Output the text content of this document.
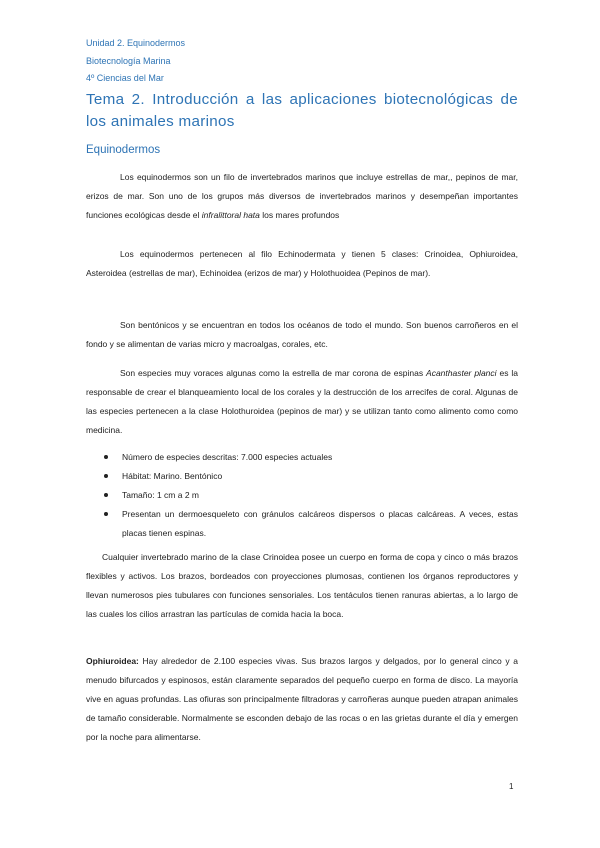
Unidad 2. Equinodermos
Biotecnología Marina
4º Ciencias del Mar
Tema 2. Introducción a las aplicaciones biotecnológicas de los animales marinos
Equinodermos
Los equinodermos son un filo de invertebrados marinos que incluye estrellas de mar,, pepinos de mar, erizos de mar. Son uno de los grupos más diversos de invertebrados marinos y desempeñan importantes funciones ecológicas desde el infralittoral hata los mares profundos
Los equinodermos pertenecen al filo Echinodermata y tienen 5 clases: Crinoidea, Ophiuroidea, Asteroidea (estrellas de mar), Echinoidea (erizos de mar) y Holothuoidea (Pepinos de mar).
Son bentónicos y se encuentran en todos los océanos de todo el mundo. Son buenos carroñeros en el fondo y se alimentan de varias micro y macroalgas, corales, etc.
Son especies muy voraces algunas como la estrella de mar corona de espinas Acanthaster planci es la responsable de crear el blanqueamiento local de los corales y la destrucción de los arrecifes de coral. Algunas de las especies pertenecen a la clase Holothuroidea (pepinos de mar) y se utilizan tanto como alimento como como medicina.
Número de especies descritas: 7.000 especies actuales
Hábitat: Marino. Bentónico
Tamaño: 1 cm a 2 m
Presentan un dermoesqueleto con gránulos calcáreos dispersos o placas calcáreas. A veces, estas placas tienen espinas.
Cualquier invertebrado marino de la clase Crinoidea posee un cuerpo en forma de copa y cinco o más brazos flexibles y activos. Los brazos, bordeados con proyecciones plumosas, contienen los órganos reproductores y llevan numerosos pies tubulares con funciones sensoriales. Los tentáculos tienen ranuras abiertas, a lo largo de las cuales los cilios arrastran las partículas de comida hacia la boca.
Ophiuroidea: Hay alrededor de 2.100 especies vivas. Sus brazos largos y delgados, por lo general cinco y a menudo bifurcados y espinosos, están claramente separados del pequeño cuerpo en forma de disco. La mayoría vive en aguas profundas. Las ofiuras son principalmente filtradoras y carroñeras aunque pueden atrapan animales de tamaño considerable. Normalmente se esconden debajo de las rocas o en las grietas durante el día y emergen por la noche para alimentarse.
1
